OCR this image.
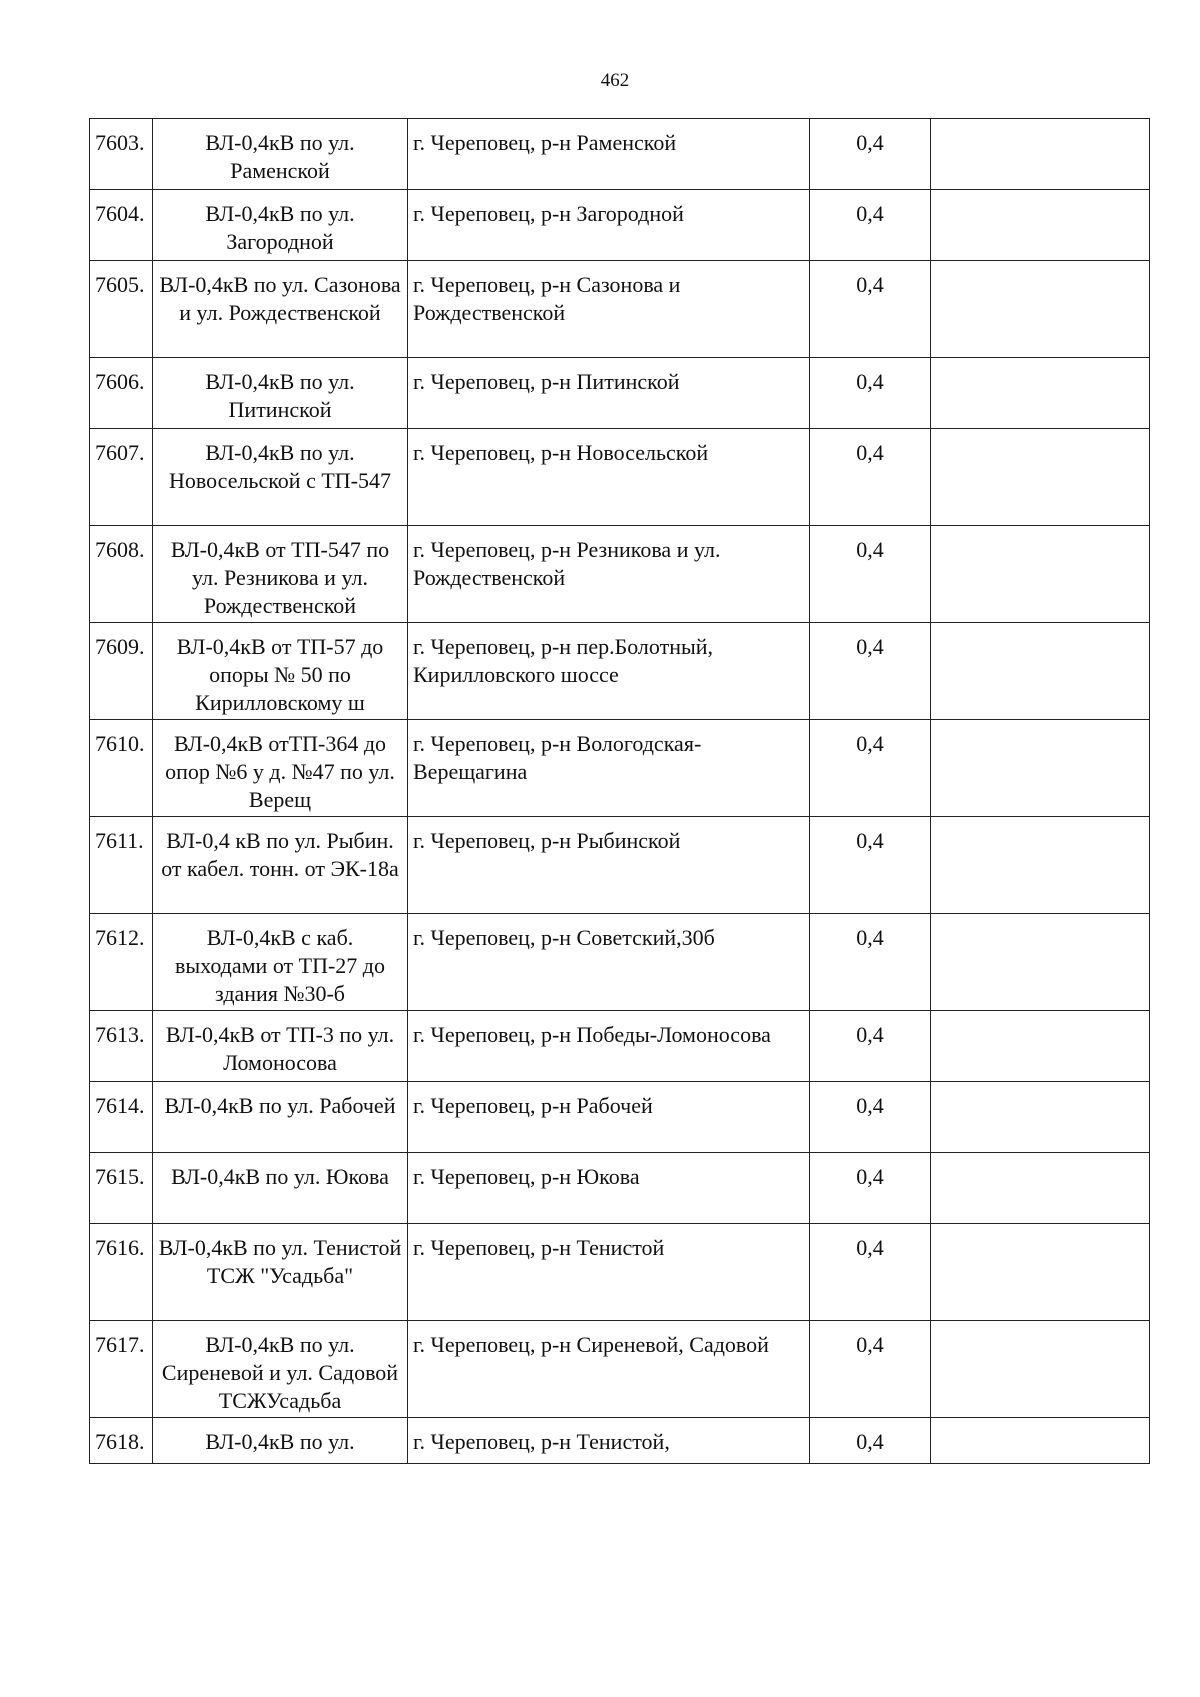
462
7603.	ВЛ-0,4кВ по ул. Раменской	г. Череповец, р-н Раменской	0,4	
7604.	ВЛ-0,4кВ по ул. Загородной	г. Череповец, р-н Загородной	0,4	
7605.	ВЛ-0,4кВ по ул. Сазонова и ул. Рождественской	г. Череповец, р-н Сазонова и Рождественской	0,4	
7606.	ВЛ-0,4кВ по ул. Питинской	г. Череповец, р-н Питинской	0,4	
7607.	ВЛ-0,4кВ по ул. Новосельской с ТП-547	г. Череповец, р-н Новосельской	0,4	
7608.	ВЛ-0,4кВ от ТП-547 по ул. Резникова и ул. Рождественской	г. Череповец, р-н Резникова и ул. Рождественской	0,4	
7609.	ВЛ-0,4кВ от ТП-57 до опоры № 50 по Кирилловскому ш	г. Череповец, р-н пер.Болотный, Кирилловского шоссе	0,4	
7610.	ВЛ-0,4кВ отТП-364 до опор №6 у д. №47 по ул. Верещ	г. Череповец, р-н Вологодская-Верещагина	0,4	
7611.	ВЛ-0,4 кВ по ул. Рыбин. от кабел. тонн. от ЭК-18а	г. Череповец, р-н Рыбинской	0,4	
7612.	ВЛ-0,4кВ с каб. выходами от ТП-27 до здания №30-б	г. Череповец, р-н Советский,30б	0,4	
7613.	ВЛ-0,4кВ от ТП-3 по ул. Ломоносова	г. Череповец, р-н Победы-Ломоносова	0,4	
7614.	ВЛ-0,4кВ по ул. Рабочей	г. Череповец, р-н Рабочей	0,4	
7615.	ВЛ-0,4кВ по ул. Юкова	г. Череповец, р-н Юкова	0,4	
7616.	ВЛ-0,4кВ по ул. Тенистой ТСЖ "Усадьба"	г. Череповец, р-н Тенистой	0,4	
7617.	ВЛ-0,4кВ по ул. Сиреневой и ул. Садовой ТСЖУсадьба	г. Череповец, р-н Сиреневой, Садовой	0,4	
7618.	ВЛ-0,4кВ по ул.	г. Череповец, р-н Тенистой,	0,4	
